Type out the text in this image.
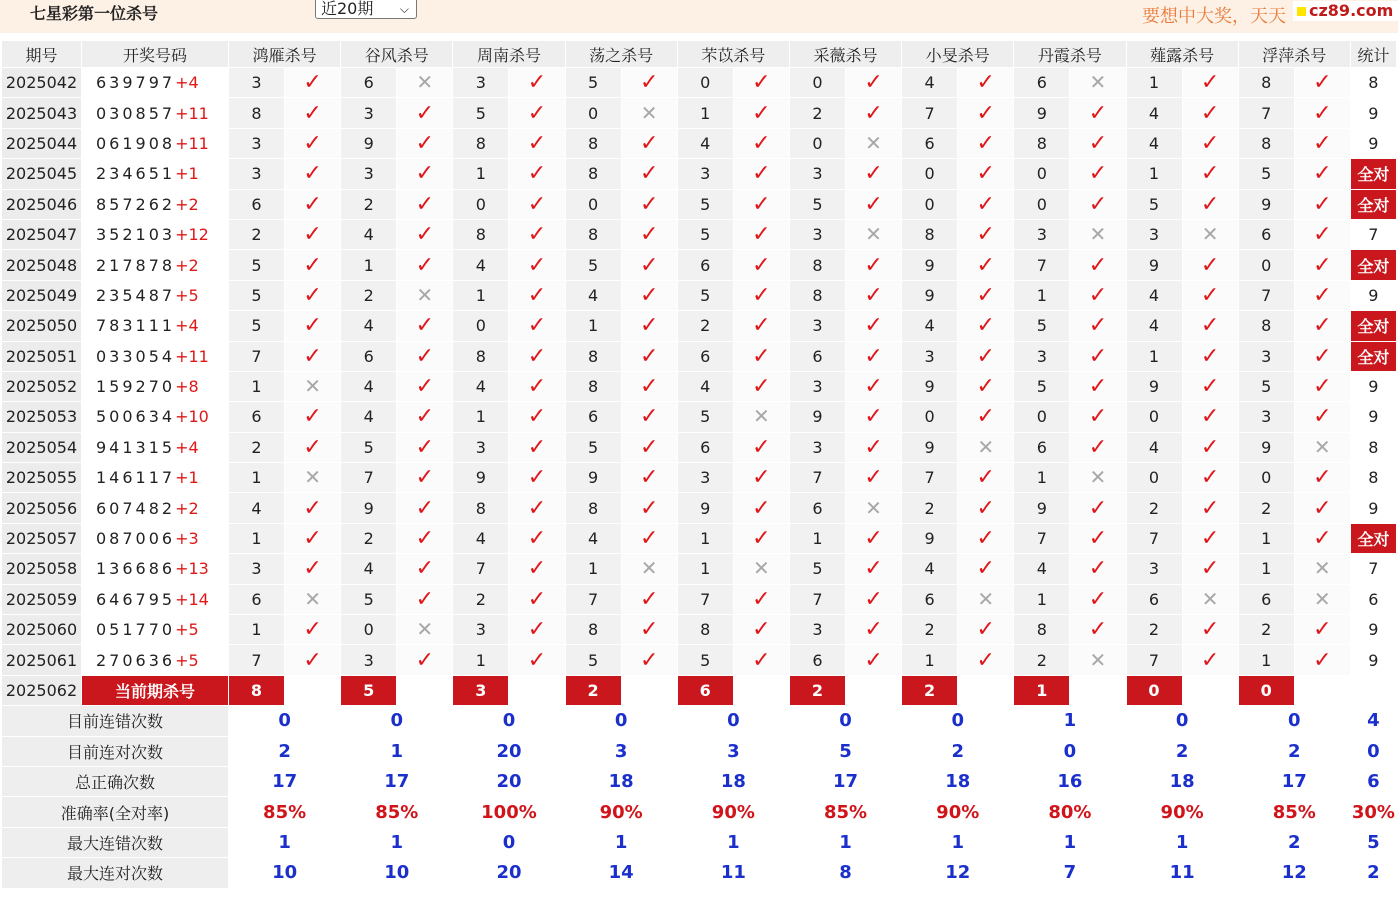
七星彩第一位杀号	近20期 ⌵	要想中大奖，天天	cz89.com
期号	开奖号码	鸿雁杀号		谷风杀号		周南杀号		荡之杀号		芣苡杀号		采薇杀号		小旻杀号		丹霞杀号		薤露杀号		浮萍杀号		统计
2025042	639797+4	3	✓	6	✕	3	✓	5	✓	0	✓	0	✓	4	✓	6	✕	1	✓	8	✓	8
2025043	030857+11	8	✓	3	✓	5	✓	0	✕	1	✓	2	✓	7	✓	9	✓	4	✓	7	✓	9
2025044	061908+11	3	✓	9	✓	8	✓	8	✓	4	✓	0	✕	6	✓	8	✓	4	✓	8	✓	9
2025045	234651+1	3	✓	3	✓	1	✓	8	✓	3	✓	3	✓	0	✓	0	✓	1	✓	5	✓	全对
2025046	857262+2	6	✓	2	✓	0	✓	0	✓	5	✓	5	✓	0	✓	0	✓	5	✓	9	✓	全对
2025047	352103+12	2	✓	4	✓	8	✓	8	✓	5	✓	3	✕	8	✓	3	✕	3	✕	6	✓	7
2025048	217878+2	5	✓	1	✓	4	✓	5	✓	6	✓	8	✓	9	✓	7	✓	9	✓	0	✓	全对
2025049	235487+5	5	✓	2	✕	1	✓	4	✓	5	✓	8	✓	9	✓	1	✓	4	✓	7	✓	9
2025050	783111+4	5	✓	4	✓	0	✓	1	✓	2	✓	3	✓	4	✓	5	✓	4	✓	8	✓	全对
2025051	033054+11	7	✓	6	✓	8	✓	8	✓	6	✓	6	✓	3	✓	3	✓	1	✓	3	✓	全对
2025052	159270+8	1	✕	4	✓	4	✓	8	✓	4	✓	3	✓	9	✓	5	✓	9	✓	5	✓	9
2025053	500634+10	6	✓	4	✓	1	✓	6	✓	5	✕	9	✓	0	✓	0	✓	0	✓	3	✓	9
2025054	941315+4	2	✓	5	✓	3	✓	5	✓	6	✓	3	✓	9	✕	6	✓	4	✓	9	✕	8
2025055	146117+1	1	✕	7	✓	9	✓	9	✓	3	✓	7	✓	7	✓	1	✕	0	✓	0	✓	8
2025056	607482+2	4	✓	9	✓	8	✓	8	✓	9	✓	6	✕	2	✓	9	✓	2	✓	2	✓	9
2025057	087006+3	1	✓	2	✓	4	✓	4	✓	1	✓	1	✓	9	✓	7	✓	7	✓	1	✓	全对
2025058	136686+13	3	✓	4	✓	7	✓	1	✕	1	✕	5	✓	4	✓	4	✓	3	✓	1	✕	7
2025059	646795+14	6	✕	5	✓	2	✓	7	✓	7	✓	7	✓	6	✕	1	✓	6	✕	6	✕	6
2025060	051770+5	1	✓	0	✕	3	✓	8	✓	8	✓	3	✓	2	✓	8	✓	2	✓	2	✓	9
2025061	270636+5	7	✓	3	✓	1	✓	5	✓	5	✓	6	✓	1	✓	2	✕	7	✓	1	✓	9
2025062	当前期杀号	8		5		3		2		6		2		2		1		0		0		
目前连错次数		0		0		0		0		0		0		0		1		0		0		4
目前连对次数		2		1		20		3		3		5		2		0		2		2		0
总正确次数		17		17		20		18		18		17		18		16		18		17		6
准确率(全对率)		85%		85%		100%		90%		90%		85%		90%		80%		90%		85%		30%
最大连错次数		1		1		0		1		1		1		1		1		1		2		5
最大连对次数		10		10		20		14		11		8		12		7		11		12		2
